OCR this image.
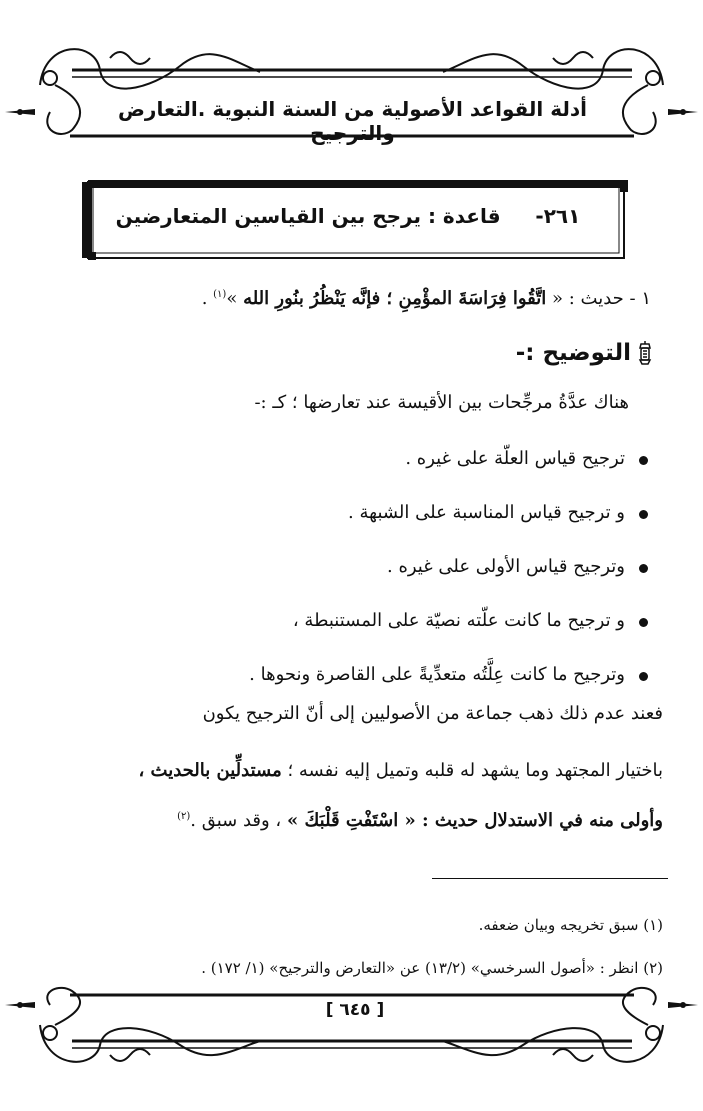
أدلة القواعد الأصولية من السنة النبوية .التعارض والترجيح
٢٦١-     قاعدة : يرجح بين القياسين المتعارضين
١ - حديث : « اتَّقُوا فِرَاسَةَ المؤْمِنِ ؛ فإنَّه يَنْظُرُ بنُورِ الله »$^{(١)}$ .
التوضيح :-
هناك عدَّةُ مرجِّحات بين الأقيسة عند تعارضها ؛ كـ :-
ترجيح قياس العلّة على غيره .
و ترجيح قياس المناسبة على الشبهة .
وترجيح قياس الأولى على غيره .
و ترجيح ما كانت علّته نصيّة على المستنبطة ،
وترجيح ما كانت عِلَّتُه متعدِّيةً على القاصرة ونحوها .
فعند عدم ذلك ذهب جماعة من الأصوليين إلى أنّ الترجيح يكون
باختيار المجتهد وما يشهد له قلبه وتميل إليه نفسه ؛ مستدلِّين بالحديث ،
وأولى منه في الاستدلال حديث : « اسْتَفْتِ قَلْبَكَ » ، وقد سبق .$^{(٢)}$
(١) سبق تخريجه وبيان ضعفه.
(٢) انظر : «أصول السرخسي» (١٣/٢) عن «التعارض والترجيح» (١/ ١٧٢) .
[ ٦٤٥ ]
